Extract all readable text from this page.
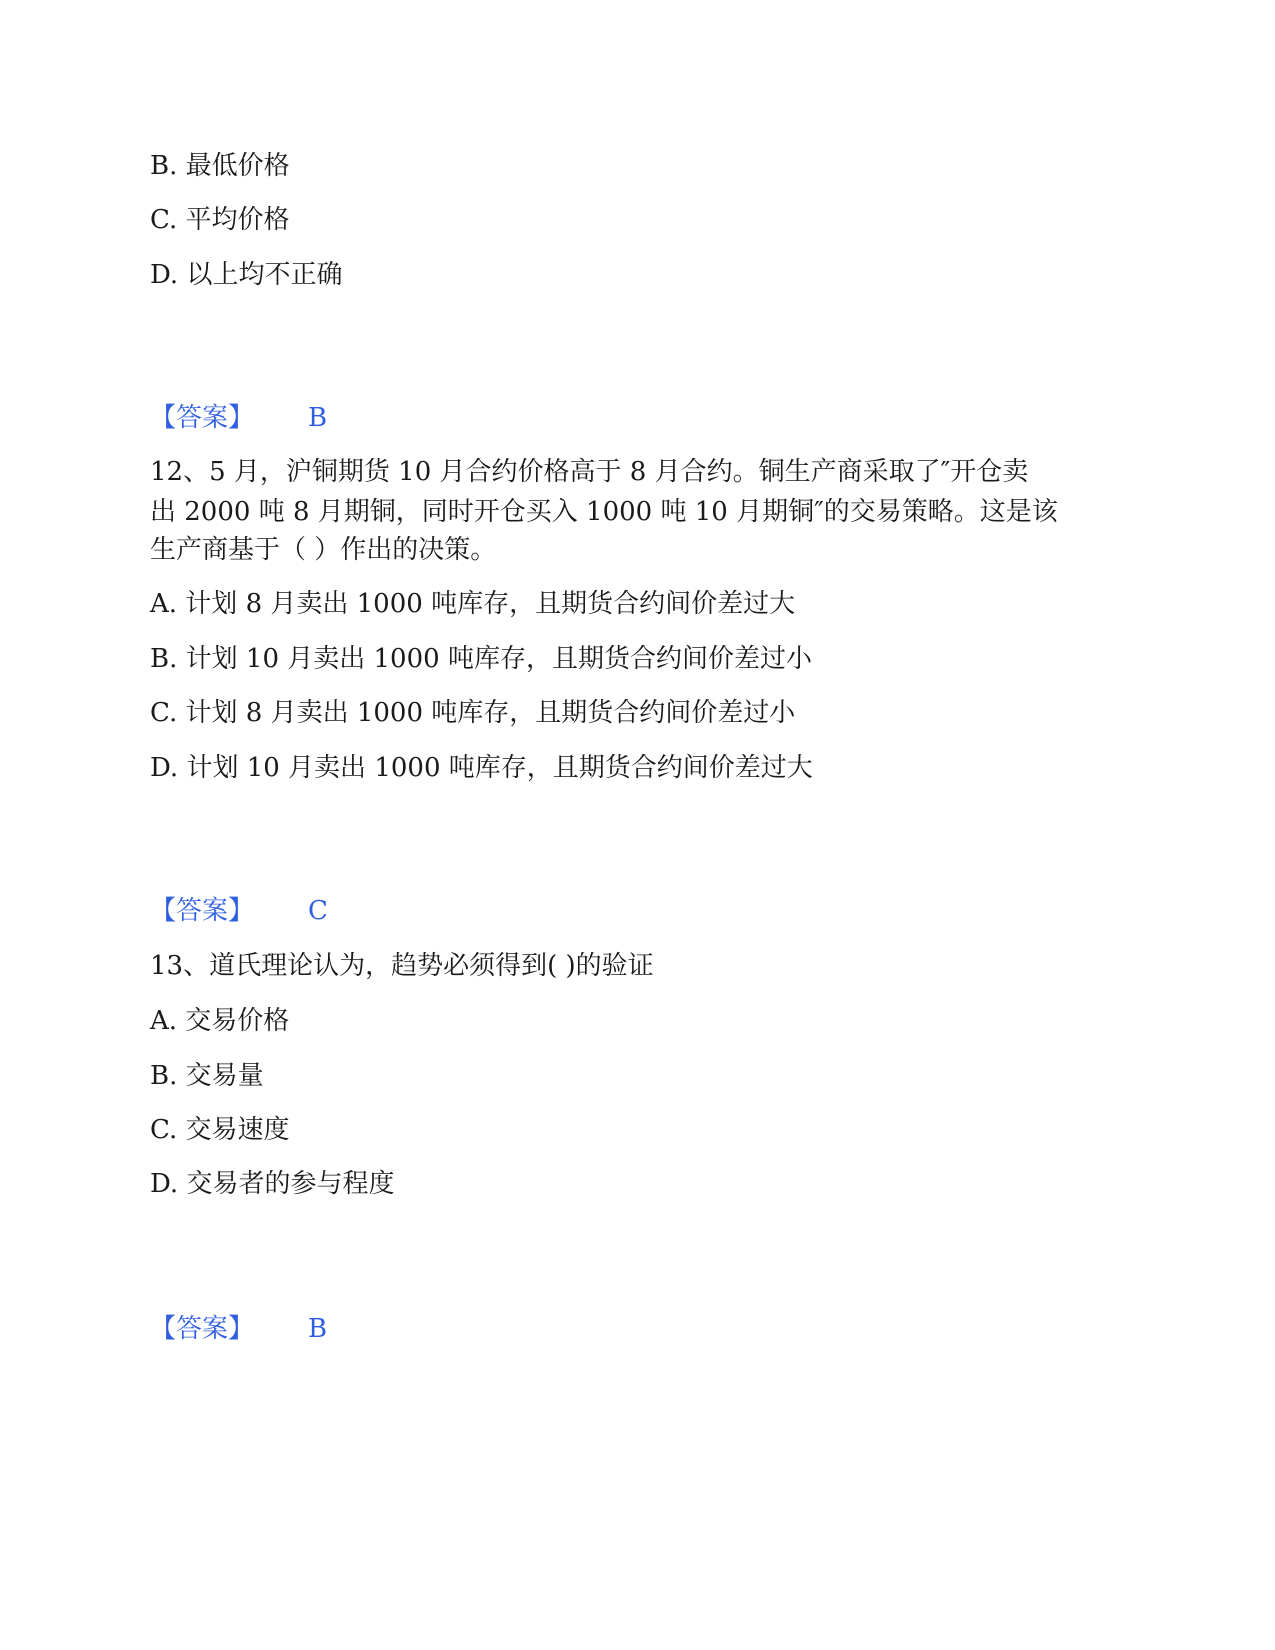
B. 最低价格
C. 平均价格
D. 以上均不正确
【答案】 B
12、5 月，沪铜期货 10 月合约价格高于 8 月合约。铜生产商采取了″开仓卖
出 2000 吨 8 月期铜，同时开仓买入 1000 吨 10 月期铜″的交易策略。这是该
生产商基于（ ）作出的决策。
A. 计划 8 月卖出 1000 吨库存，且期货合约间价差过大
B. 计划 10 月卖出 1000 吨库存，且期货合约间价差过小
C. 计划 8 月卖出 1000 吨库存，且期货合约间价差过小
D. 计划 10 月卖出 1000 吨库存，且期货合约间价差过大
【答案】 C
13、道氏理论认为，趋势必须得到( )的验证
A. 交易价格
B. 交易量
C. 交易速度
D. 交易者的参与程度
【答案】 B
